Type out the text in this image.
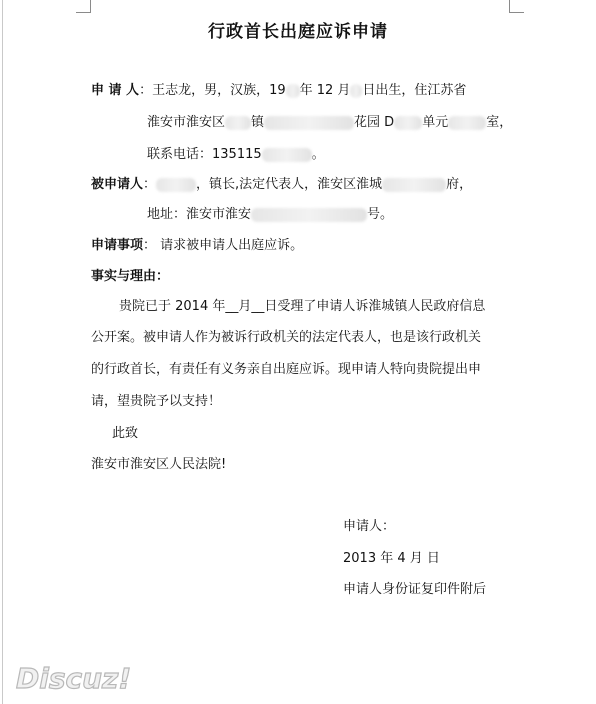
行政首长出庭应诉申请
申 请 人：王志龙，男，汉族，19 年 12 月 日出生，住江苏省
淮安市淮安区 镇	花园 D 单元	室，
联系电话：135115	。
被申请人：	，镇长,法定代表人，淮安区淮城	府，
地址：淮安市淮安	号。
申请事项： 请求被申请人出庭应诉。
事实与理由：
贵院已于 2014 年__月__日受理了申请人诉淮城镇人民政府信息
公开案。被申请人作为被诉行政机关的法定代表人，也是该行政机关
的行政首长，有责任有义务亲自出庭应诉。现申请人特向贵院提出申
请，望贵院予以支持！
此致
淮安市淮安区人民法院!
申请人：
2013 年 4 月 日
申请人身份证复印件附后
Discuz!
